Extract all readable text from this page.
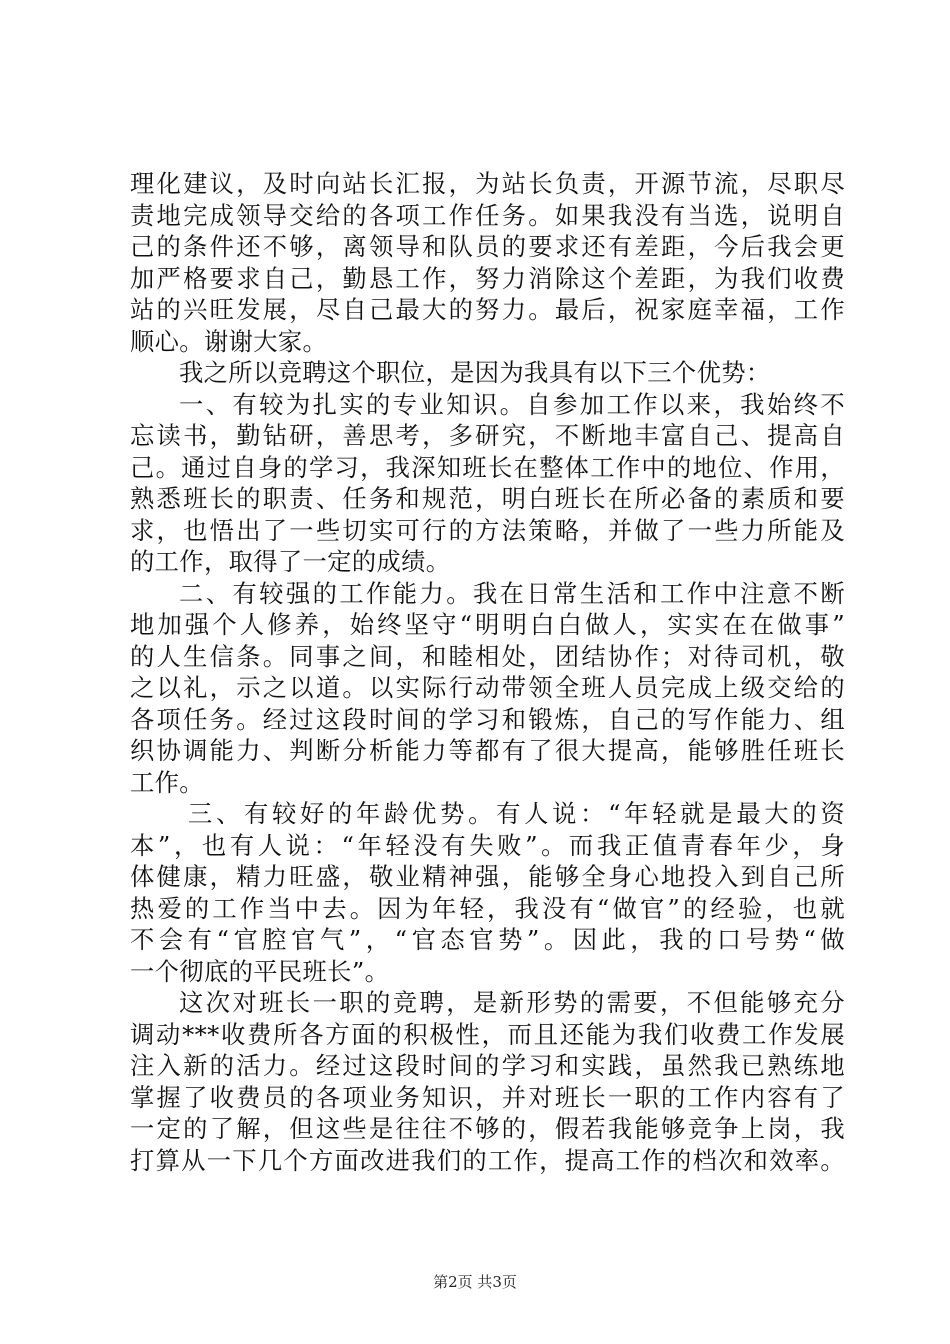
理化建议，及时向站长汇报，为站长负责，开源节流，尽职尽
责地完成领导交给的各项工作任务。如果我没有当选，说明自
己的条件还不够，离领导和队员的要求还有差距，今后我会更
加严格要求自己，勤恳工作，努力消除这个差距，为我们收费
站的兴旺发展，尽自己最大的努力。最后，祝家庭幸福，工作
顺心。谢谢大家。
我之所以竞聘这个职位，是因为我具有以下三个优势：
一、有较为扎实的专业知识。自参加工作以来，我始终不
忘读书，勤钻研，善思考，多研究，不断地丰富自己、提高自
己。通过自身的学习，我深知班长在整体工作中的地位、作用，
熟悉班长的职责、任务和规范，明白班长在所必备的素质和要
求，也悟出了一些切实可行的方法策略，并做了一些力所能及
的工作，取得了一定的成绩。
二、有较强的工作能力。我在日常生活和工作中注意不断
地加强个人修养，始终坚守“明明白白做人，实实在在做事”
的人生信条。同事之间，和睦相处，团结协作；对待司机，敬
之以礼，示之以道。以实际行动带领全班人员完成上级交给的
各项任务。经过这段时间的学习和锻炼，自己的写作能力、组
织协调能力、判断分析能力等都有了很大提高，能够胜任班长
工作。
三、有较好的年龄优势。有人说：“年轻就是最大的资
本”，也有人说：“年轻没有失败”。而我正值青春年少，身
体健康，精力旺盛，敬业精神强，能够全身心地投入到自己所
热爱的工作当中去。因为年轻，我没有“做官”的经验，也就
不会有“官腔官气”，“官态官势”。因此，我的口号势“做
一个彻底的平民班长”。
这次对班长一职的竞聘，是新形势的需要，不但能够充分
调动***收费所各方面的积极性，而且还能为我们收费工作发展
注入新的活力。经过这段时间的学习和实践，虽然我已熟练地
掌握了收费员的各项业务知识，并对班长一职的工作内容有了
一定的了解，但这些是往往不够的，假若我能够竞争上岗，我
打算从一下几个方面改进我们的工作，提高工作的档次和效率。
第2页 共3页
